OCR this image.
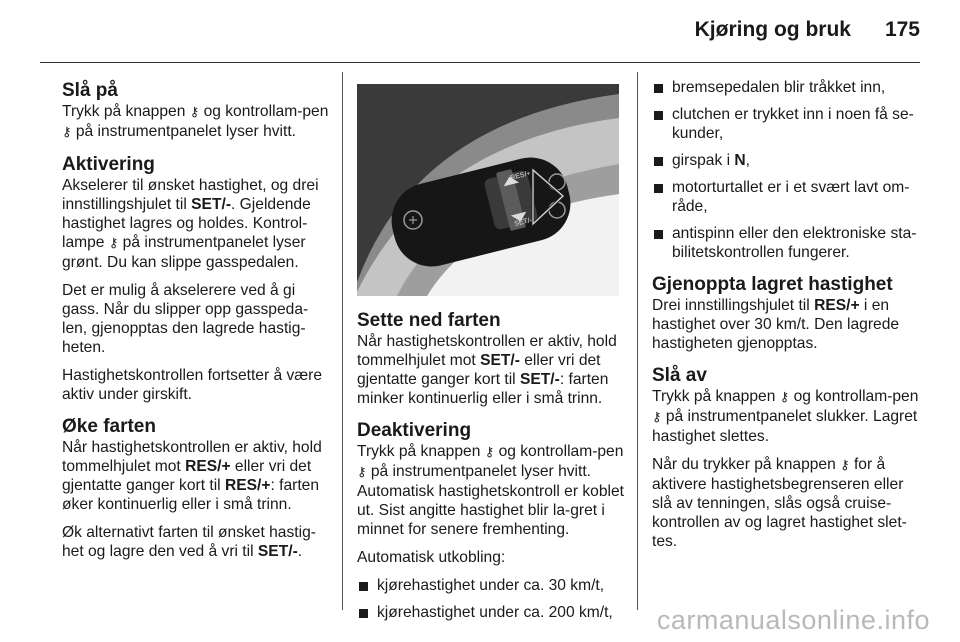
Kjøring og bruk 175
Slå på

Trykk på knappen ⚷ og kontrollam-pen ⚷ på instrumentpanelet lyser hvitt.

Aktivering

Akselerer til ønsket hastighet, og drei innstillingshjulet til SET/-. Gjeldende hastighet lagres og holdes. Kontrol-lampe ⚷ på instrumentpanelet lyser grønt. Du kan slippe gasspedalen.

Det er mulig å akselerere ved å gi gass. Når du slipper opp gasspeda-len, gjenopptas den lagrede hastig-heten.

Hastighetskontrollen fortsetter å være aktiv under girskift.

Øke farten

Når hastighetskontrollen er aktiv, hold tommelhjulet mot RES/+ eller vri det gjentatte ganger kort til RES/+: farten øker kontinuerlig eller i små trinn.

Øk alternativt farten til ønsket hastig-het og lagre den ved å vri til SET/-.

RES/+
SET/-
Sette ned farten

Når hastighetskontrollen er aktiv, hold tommelhjulet mot SET/- eller vri det gjentatte ganger kort til SET/-: farten minker kontinuerlig eller i små trinn.

Deaktivering

Trykk på knappen ⚷ og kontrollam-pen ⚷ på instrumentpanelet lyser hvitt. Automatisk hastighetskontroll er koblet ut. Sist angitte hastighet blir la-gret i minnet for senere fremhenting.

Automatisk utkobling:

kjørehastighet under ca. 30 km/t,
kjørehastighet under ca. 200 km/t,
bremsepedalen blir tråkket inn,
clutchen er trykket inn i noen få se-kunder,
girspak i N,
motorturtallet er i et svært lavt om-råde,
antispinn eller den elektroniske sta-bilitetskontrollen fungerer.
Gjenoppta lagret hastighet

Drei innstillingshjulet til RES/+ i en hastighet over 30 km/t. Den lagrede hastigheten gjenopptas.

Slå av

Trykk på knappen ⚷ og kontrollam-pen ⚷ på instrumentpanelet slukker. Lagret hastighet slettes.

Når du trykker på knappen ⚷ for å aktivere hastighetsbegrenseren eller slå av tenningen, slås også cruise-kontrollen av og lagret hastighet slet-tes.

carmanualsonline.info
